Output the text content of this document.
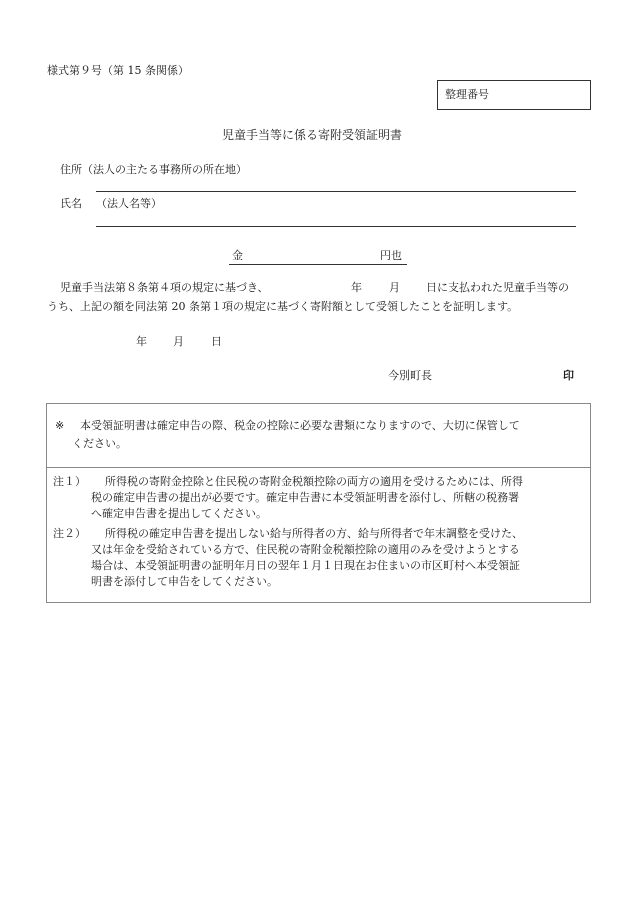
様式第９号（第 15 条関係）
整理番号
児童手当等に係る寄附受領証明書
住所（法人の主たる事務所の所在地）
氏名 （法人名等）
金	円也
児童手当法第８条第４項の規定に基づき、	年 月 日に支払われた児童手当等の
うち、上記の額を同法第 20 条第１項の規定に基づく寄附額として受領したことを証明します。
年 月 日
今別町長	印
※ 本受領証明書は確定申告の際、税金の控除に必要な書類になりますので、大切に保管して
ください。
注１）	所得税の寄附金控除と住民税の寄附金税額控除の両方の適用を受けるためには、所得
税の確定申告書の提出が必要です。確定申告書に本受領証明書を添付し、所轄の税務署
へ確定申告書を提出してください。
注２）	所得税の確定申告書を提出しない給与所得者の方、給与所得者で年末調整を受けた、
又は年金を受給されている方で、住民税の寄附金税額控除の適用のみを受けようとする
場合は、本受領証明書の証明年月日の翌年１月１日現在お住まいの市区町村へ本受領証
明書を添付して申告をしてください。
